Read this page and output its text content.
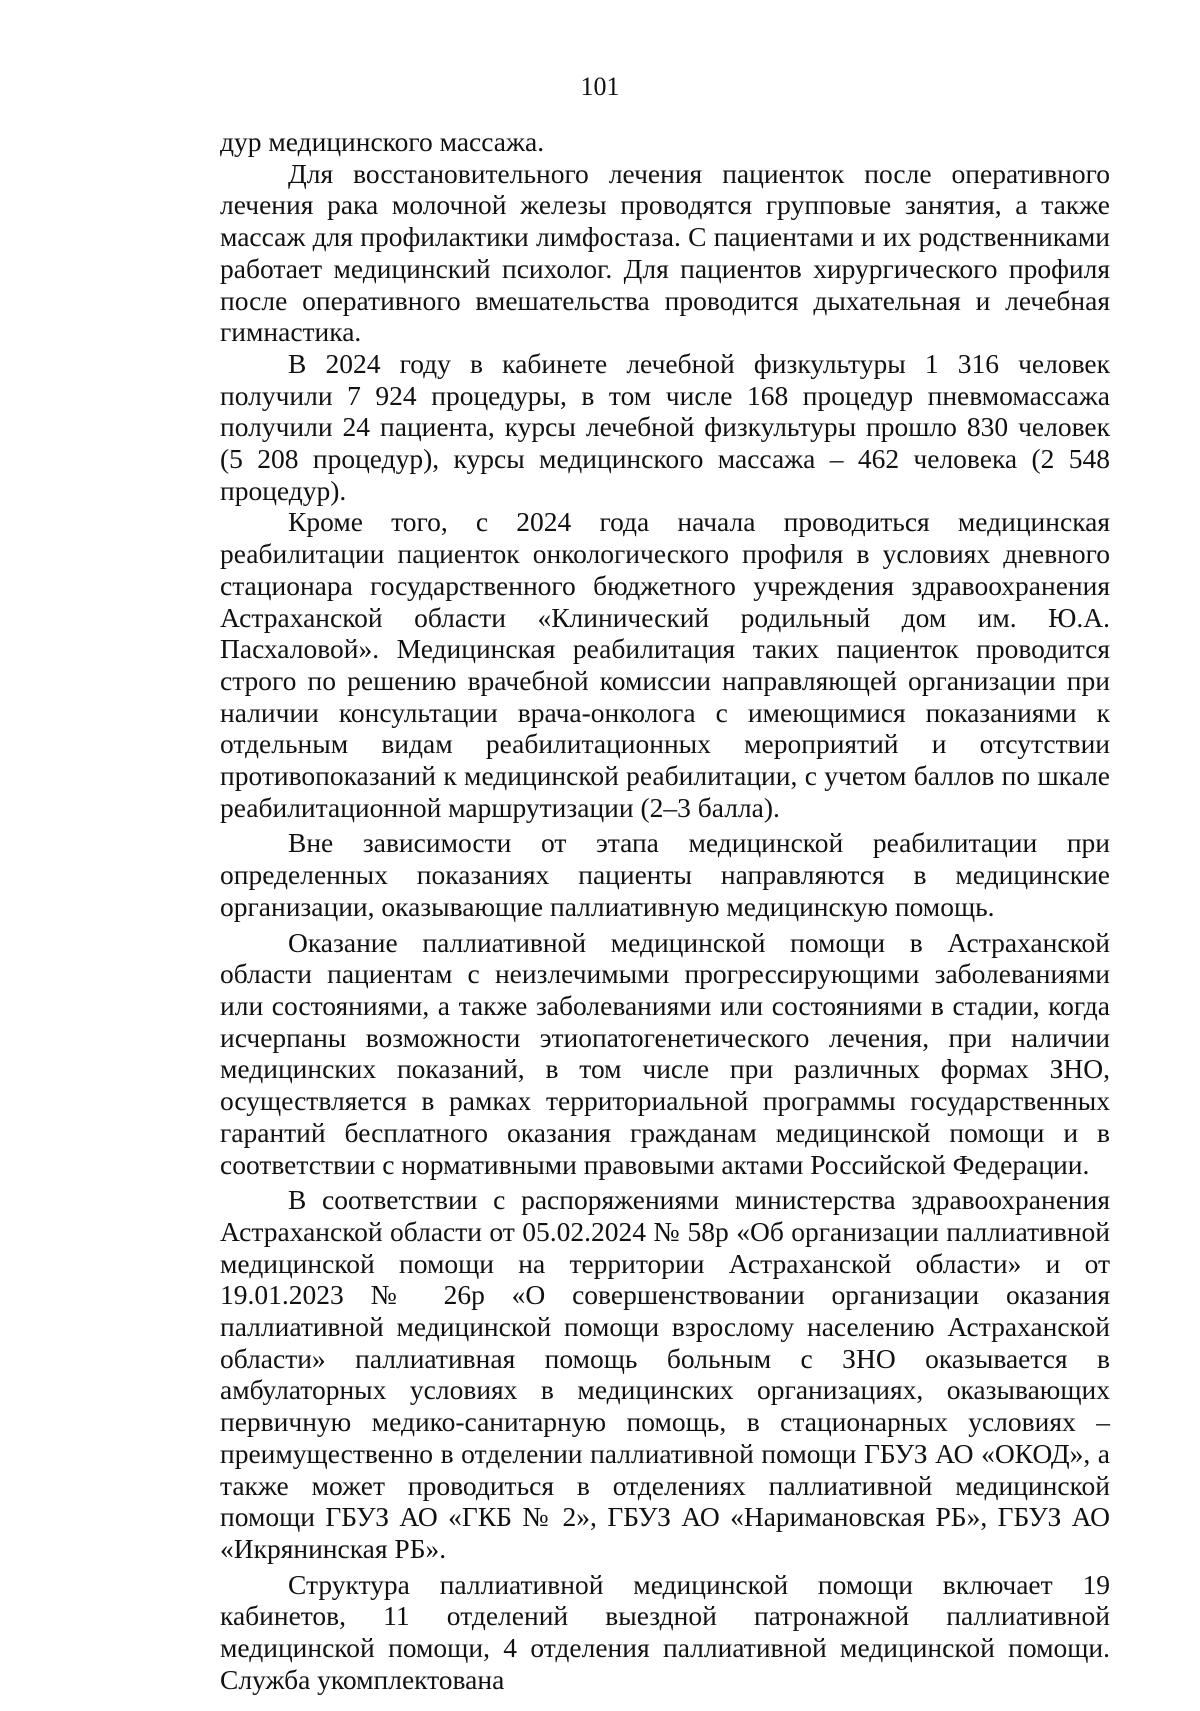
101

дур медицинского массажа.

Для восстановительного лечения пациенток после оперативного лечения рака молочной железы проводятся групповые занятия, а также массаж для профилактики лимфостаза. С пациентами и их родственниками работает медицинский психолог. Для пациентов хирургического профиля после оперативного вмешательства проводится дыхательная и лечебная гимнастика.

В 2024 году в кабинете лечебной физкультуры 1 316 человек получили 7 924 процедуры, в том числе 168 процедур пневмомассажа получили 24 пациента, курсы лечебной физкультуры прошло 830 человек (5 208 процедур), курсы медицинского массажа – 462 человека (2 548 процедур).

Кроме того, с 2024 года начала проводиться медицинская реабилитации пациенток онкологического профиля в условиях дневного стационара государственного бюджетного учреждения здравоохранения Астраханской области «Клинический родильный дом им. Ю.А. Пасхаловой». Медицинская реабилитация таких пациенток проводится строго по решению врачебной комиссии направляющей организации при наличии консультации врача-онколога с имеющимися показаниями к отдельным видам реабилитационных мероприятий и отсутствии противопоказаний к медицинской реабилитации, с учетом баллов по шкале реабилитационной маршрутизации (2–3 балла).

Вне зависимости от этапа медицинской реабилитации при определенных показаниях пациенты направляются в медицинские организации, оказывающие паллиативную медицинскую помощь.

Оказание паллиативной медицинской помощи в Астраханской области пациентам с неизлечимыми прогрессирующими заболеваниями или состояниями, а также заболеваниями или состояниями в стадии, когда исчерпаны возможности этиопатогенетического лечения, при наличии медицинских показаний, в том числе при различных формах ЗНО, осуществляется в рамках территориальной программы государственных гарантий бесплатного оказания гражданам медицинской помощи и в соответствии с нормативными правовыми актами Российской Федерации.

В соответствии с распоряжениями министерства здравоохранения Астраханской области от 05.02.2024 № 58р «Об организации паллиативной медицинской помощи на территории Астраханской области» и от 19.01.2023 № 26р «О совершенствовании организации оказания паллиативной медицинской помощи взрослому населению Астраханской области» паллиативная помощь больным с ЗНО оказывается в амбулаторных условиях в медицинских организациях, оказывающих первичную медико-санитарную помощь, в стационарных условиях – преимущественно в отделении паллиативной помощи ГБУЗ АО «ОКОД», а также может проводиться в отделениях паллиативной медицинской помощи ГБУЗ АО «ГКБ № 2», ГБУЗ АО «Наримановская РБ», ГБУЗ АО «Икрянинская РБ».

Структура паллиативной медицинской помощи включает 19 кабинетов, 11 отделений выездной патронажной паллиативной медицинской помощи, 4 отделения паллиативной медицинской помощи. Служба укомплектована
